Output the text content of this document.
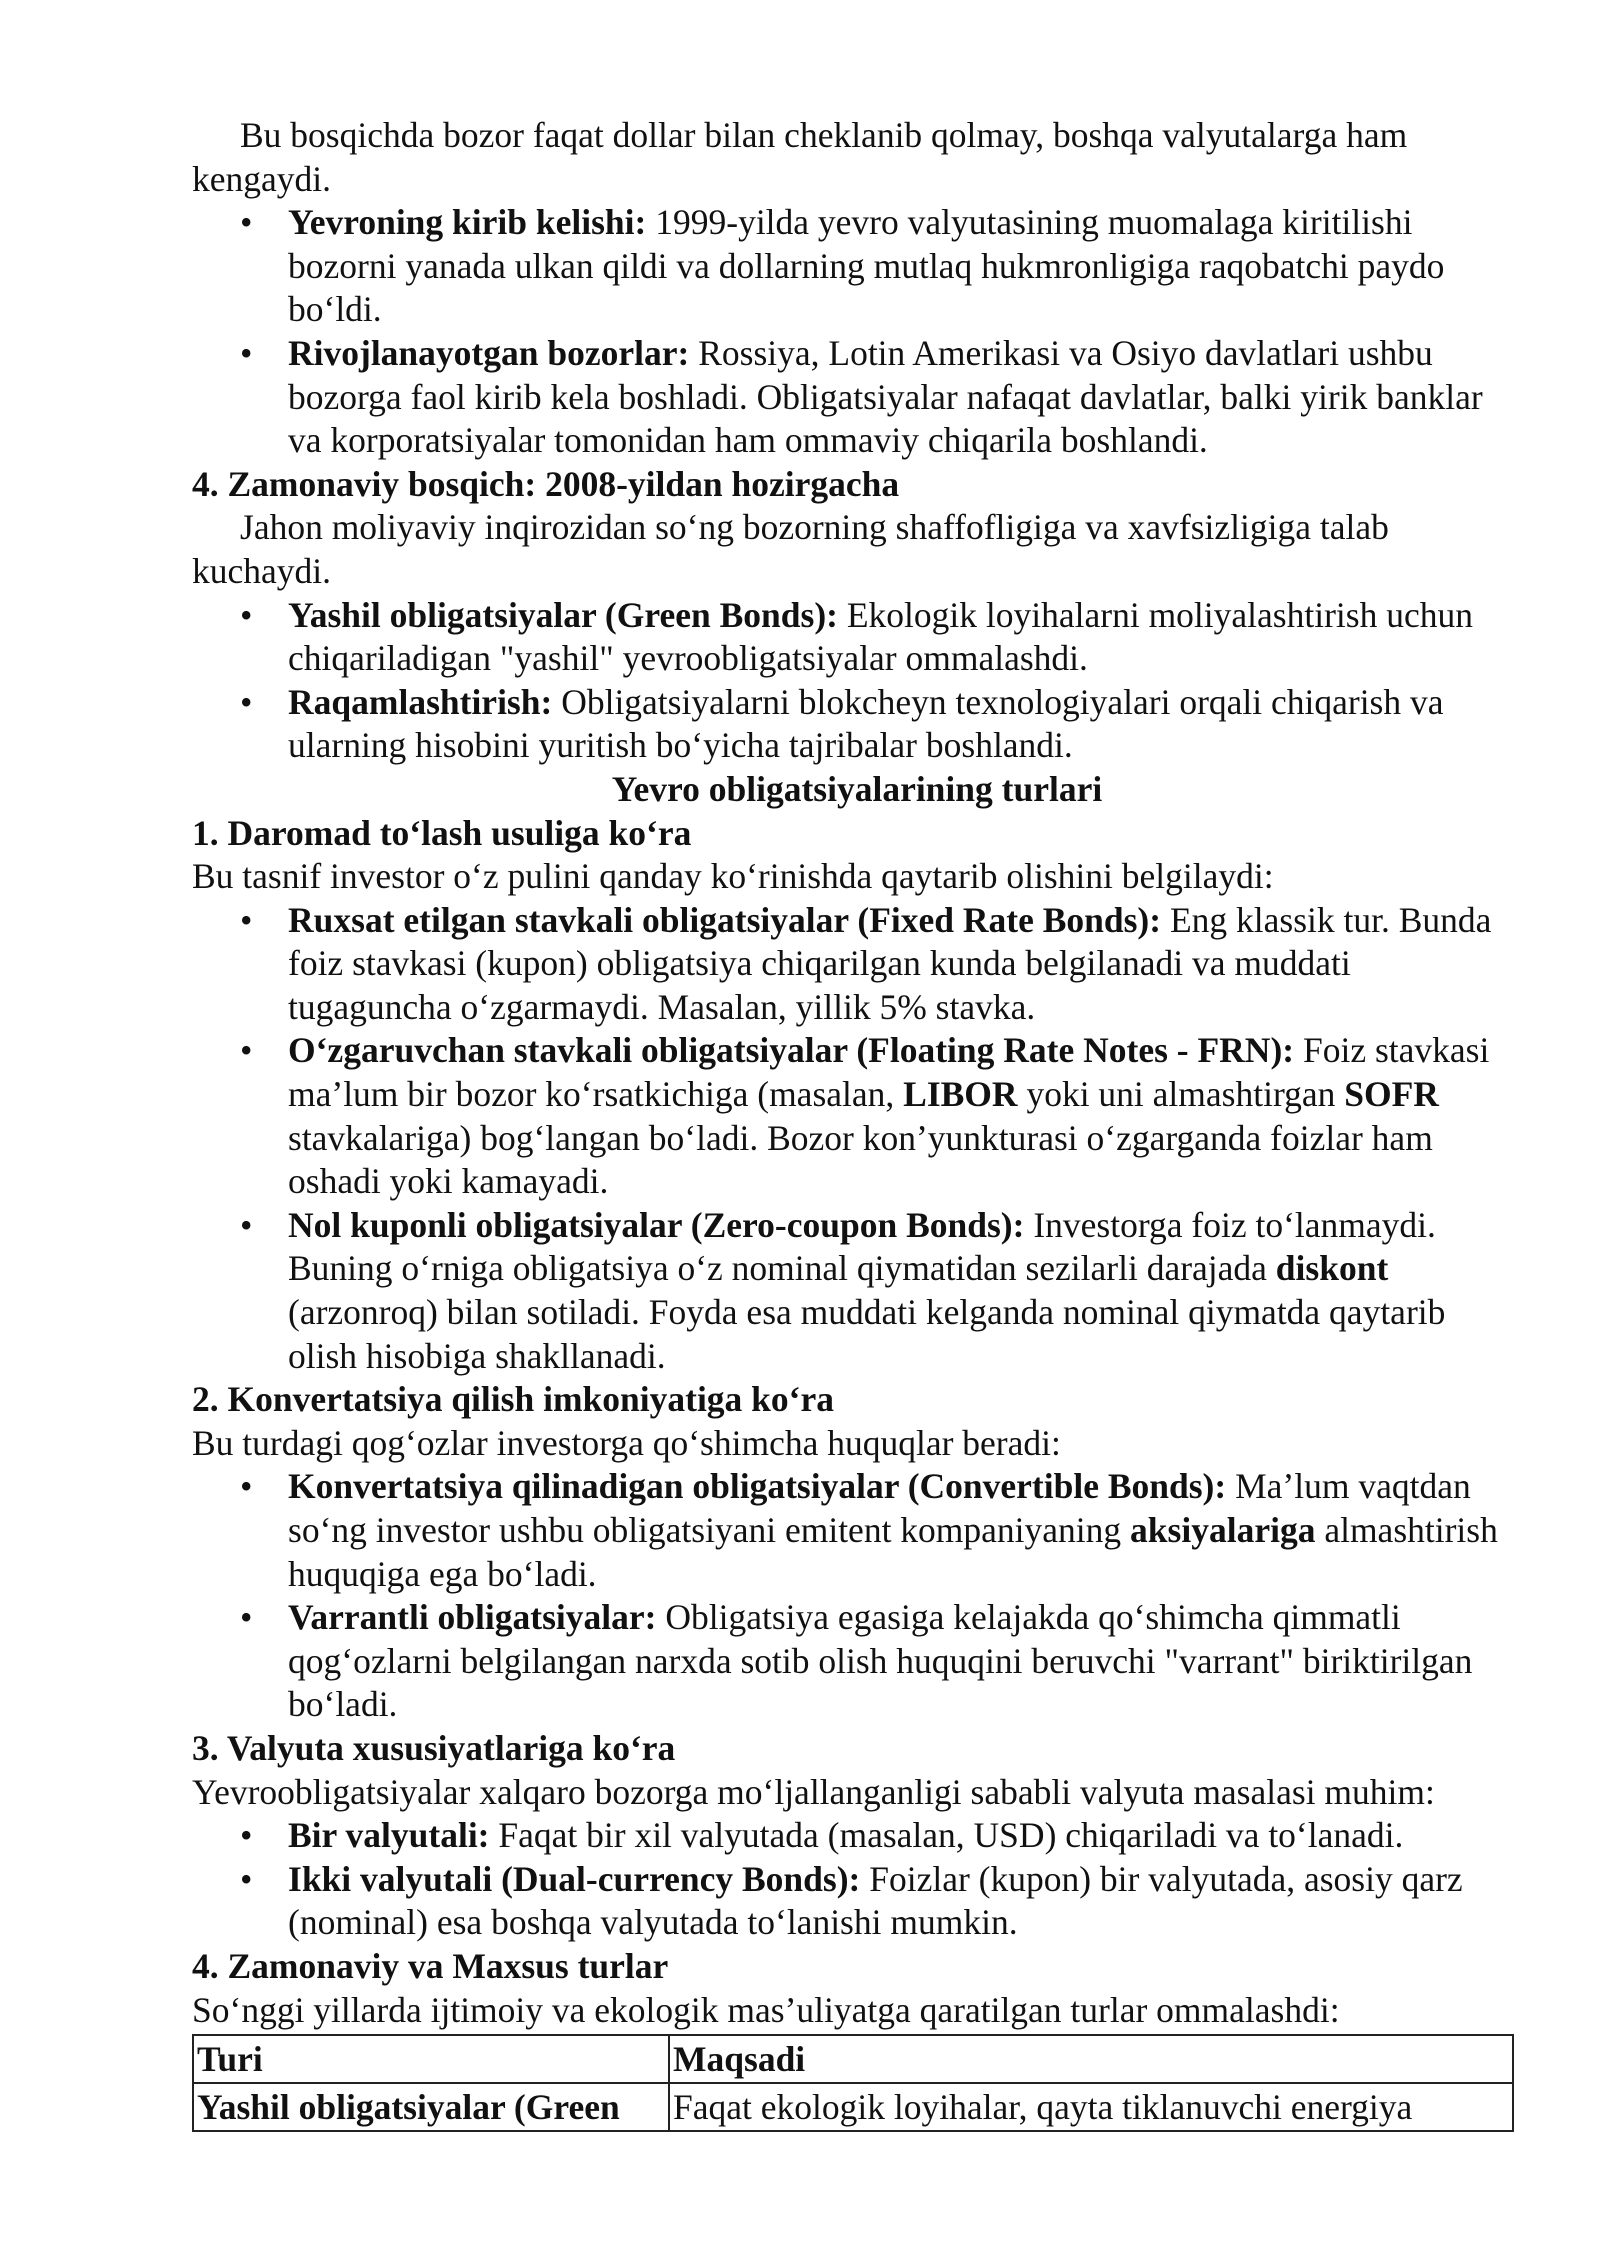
Bu bosqichda bozor faqat dollar bilan cheklanib qolmay, boshqa valyutalarga ham kengaydi.

• Yevroning kirib kelishi: 1999-yilda yevro valyutasining muomalaga kiritilishi bozorni yanada ulkan qildi va dollarning mutlaq hukmronligiga raqobatchi paydo boʻldi.
• Rivojlanayotgan bozorlar: Rossiya, Lotin Amerikasi va Osiyo davlatlari ushbu bozorga faol kirib kela boshladi. Obligatsiyalar nafaqat davlatlar, balki yirik banklar va korporatsiyalar tomonidan ham ommaviy chiqarila boshlandi.

4. Zamonaviy bosqich: 2008-yildan hozirgacha

Jahon moliyaviy inqirozidan soʻng bozorning shaffofligiga va xavfsizligiga talab kuchaydi.

• Yashil obligatsiyalar (Green Bonds): Ekologik loyihalarni moliyalashtirish uchun chiqariladigan "yashil" yevroobligatsiyalar ommalashdi.
• Raqamlashtirish: Obligatsiyalarni blokcheyn texnologiyalari orqali chiqarish va ularning hisobini yuritish boʻyicha tajribalar boshlandi.

Yevro obligatsiyalarining turlari

1. Daromad toʻlash usuliga koʻra

Bu tasnif investor oʻz pulini qanday koʻrinishda qaytarib olishini belgilaydi:

• Ruxsat etilgan stavkali obligatsiyalar (Fixed Rate Bonds): Eng klassik tur. Bunda foiz stavkasi (kupon) obligatsiya chiqarilgan kunda belgilanadi va muddati tugaguncha oʻzgarmaydi. Masalan, yillik 5% stavka.
• Oʻzgaruvchan stavkali obligatsiyalar (Floating Rate Notes - FRN): Foiz stavkasi maʼlum bir bozor koʻrsatkichiga (masalan, LIBOR yoki uni almashtirgan SOFR stavkalariga) bogʻlangan boʻladi. Bozor konʼyunkturasi oʻzgarganda foizlar ham oshadi yoki kamayadi.
• Nol kuponli obligatsiyalar (Zero-coupon Bonds): Investorga foiz toʻlanmaydi. Buning oʻrniga obligatsiya oʻz nominal qiymatidan sezilarli darajada diskont (arzonroq) bilan sotiladi. Foyda esa muddati kelganda nominal qiymatda qaytarib olish hisobiga shakllanadi.

2. Konvertatsiya qilish imkoniyatiga koʻra

Bu turdagi qogʻozlar investorga qoʻshimcha huquqlar beradi:

• Konvertatsiya qilinadigan obligatsiyalar (Convertible Bonds): Maʼlum vaqtdan soʻng investor ushbu obligatsiyani emitent kompaniyaning aksiyalariga almashtirish huquqiga ega boʻladi.
• Varrantli obligatsiyalar: Obligatsiya egasiga kelajakda qoʻshimcha qimmatli qogʻozlarni belgilangan narxda sotib olish huquqini beruvchi "varrant" biriktirilgan boʻladi.

3. Valyuta xususiyatlariga koʻra

Yevroobligatsiyalar xalqaro bozorga moʻljallanganligi sababli valyuta masalasi muhim:

• Bir valyutali: Faqat bir xil valyutada (masalan, USD) chiqariladi va toʻlanadi.
• Ikki valyutali (Dual-currency Bonds): Foizlar (kupon) bir valyutada, asosiy qarz (nominal) esa boshqa valyutada toʻlanishi mumkin.

4. Zamonaviy va Maxsus turlar

Soʻnggi yillarda ijtimoiy va ekologik masʼuliyatga qaratilgan turlar ommalashdi:

Turi	Maqsadi
Yashil obligatsiyalar (Green	Faqat ekologik loyihalar, qayta tiklanuvchi energiya
